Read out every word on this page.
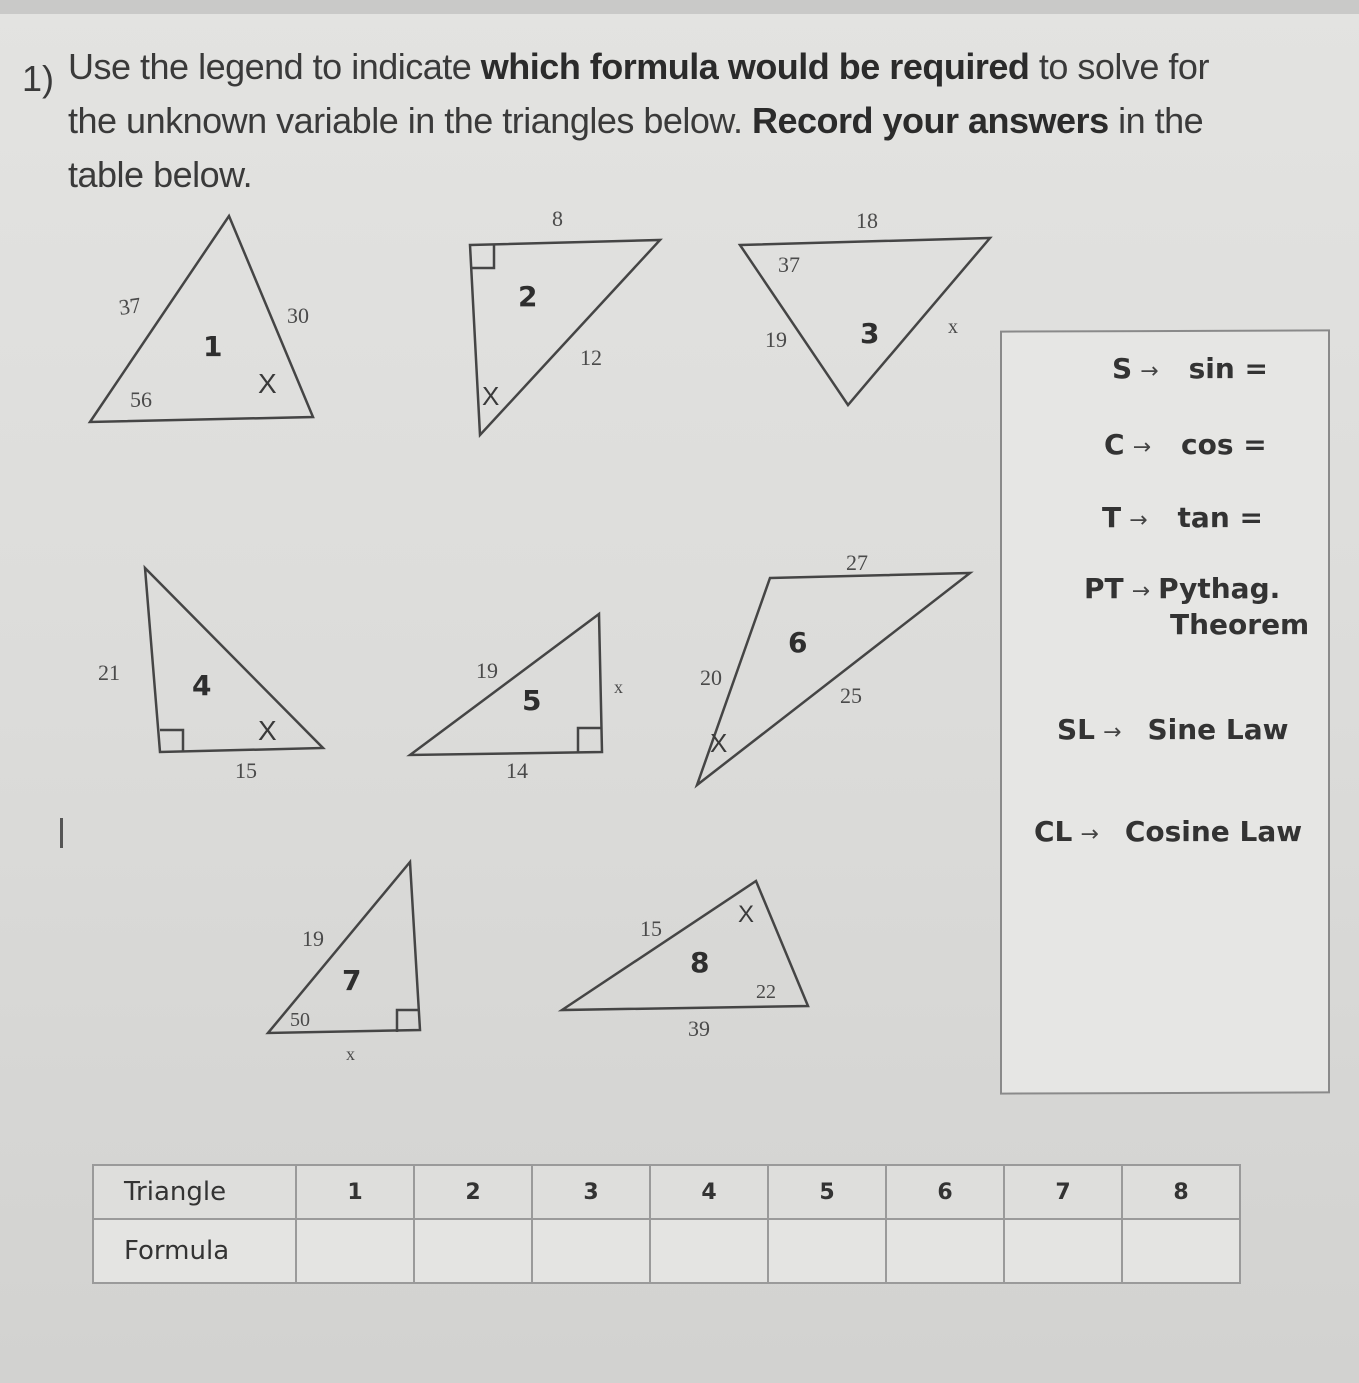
1) Use the legend to indicate which formula would be required to solve for the unknown variable in the triangles below. Record your answers in the table below.
37	30
56
X
1
8
12
X
2
18
37
19	x
3
21
15
X
4	19
x
14
5
27
20
25
X
6
19
50
x
7
15
X
22
39
8
S → sin =
C → cos =
T → tan =
PT → Pythag.
Theorem
SL → Sine Law
CL → Cosine Law
Triangle	1	2	3	4	5	6	7	8
Formula								
